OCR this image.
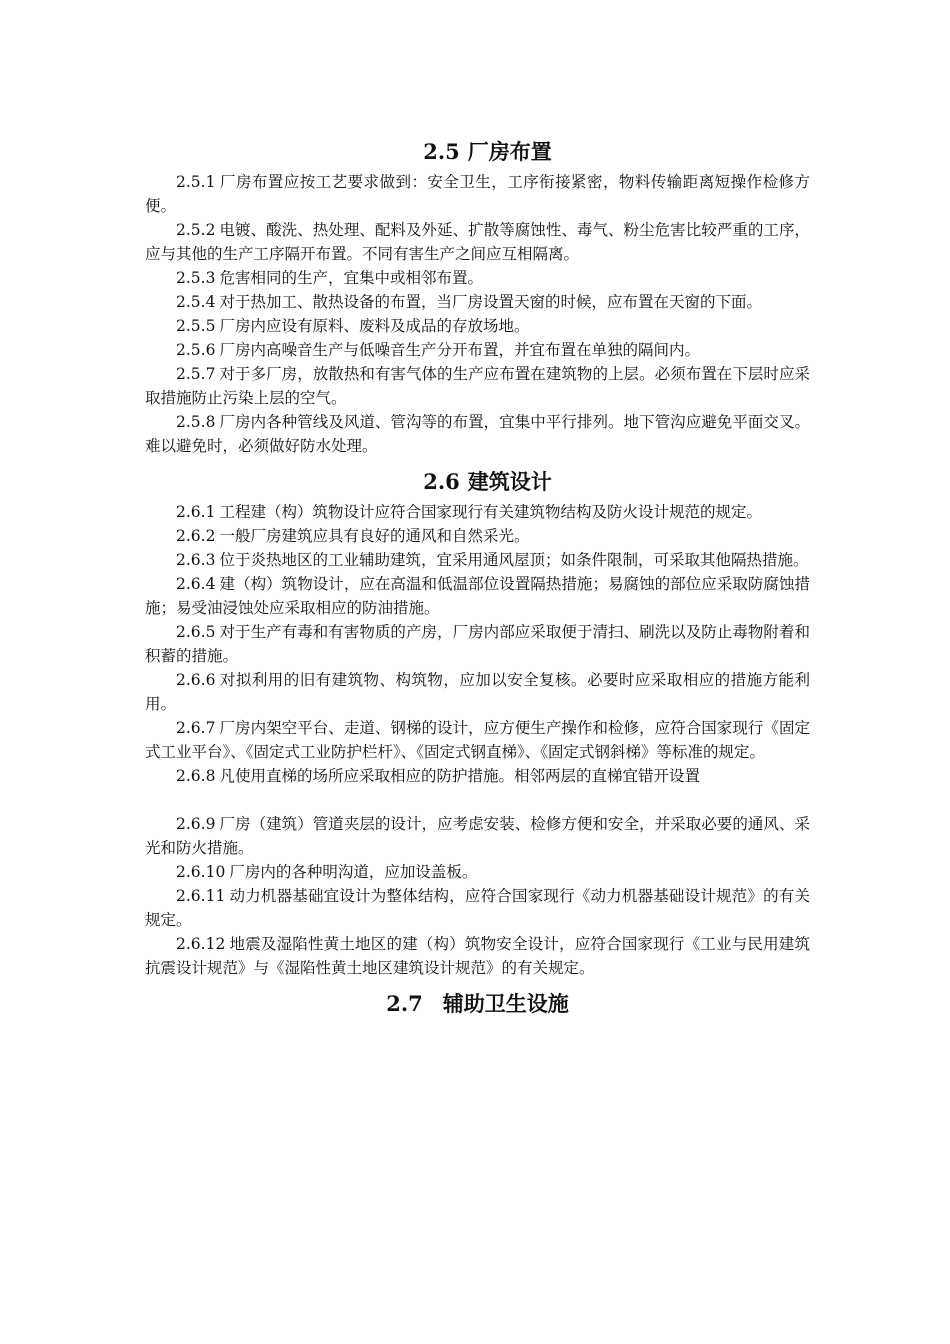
2.5 厂房布置

2.5.1 厂房布置应按工艺要求做到：安全卫生，工序衔接紧密，物料传输距离短操作检修方便。

2.5.2 电镀、酸洗、热处理、配料及外延、扩散等腐蚀性、毒气、粉尘危害比较严重的工序，应与其他的生产工序隔开布置。不同有害生产之间应互相隔离。

2.5.3 危害相同的生产，宜集中或相邻布置。

2.5.4 对于热加工、散热设备的布置，当厂房设置天窗的时候，应布置在天窗的下面。

2.5.5 厂房内应设有原料、废料及成品的存放场地。

2.5.6 厂房内高噪音生产与低噪音生产分开布置，并宜布置在单独的隔间内。

2.5.7 对于多厂房，放散热和有害气体的生产应布置在建筑物的上层。必须布置在下层时应采取措施防止污染上层的空气。

2.5.8 厂房内各种管线及风道、管沟等的布置，宜集中平行排列。地下管沟应避免平面交叉。难以避免时，必须做好防水处理。

2.6 建筑设计

2.6.1 工程建（构）筑物设计应符合国家现行有关建筑物结构及防火设计规范的规定。

2.6.2 一般厂房建筑应具有良好的通风和自然采光。

2.6.3 位于炎热地区的工业辅助建筑，宜采用通风屋顶；如条件限制，可采取其他隔热措施。

2.6.4 建（构）筑物设计，应在高温和低温部位设置隔热措施；易腐蚀的部位应采取防腐蚀措施；易受油浸蚀处应采取相应的防油措施。

2.6.5 对于生产有毒和有害物质的产房，厂房内部应采取便于清扫、刷洗以及防止毒物附着和积蓄的措施。

2.6.6 对拟利用的旧有建筑物、构筑物，应加以安全复核。必要时应采取相应的措施方能利用。

2.6.7 厂房内架空平台、走道、钢梯的设计，应方便生产操作和检修，应符合国家现行《固定式工业平台》、《固定式工业防护栏杆》、《固定式钢直梯》、《固定式钢斜梯》等标准的规定。

2.6.8 凡使用直梯的场所应采取相应的防护措施。相邻两层的直梯宜错开设置

2.6.9 厂房（建筑）管道夹层的设计，应考虑安装、检修方便和安全，并采取必要的通风、采光和防火措施。

2.6.10 厂房内的各种明沟道，应加设盖板。

2.6.11 动力机器基础宜设计为整体结构，应符合国家现行《动力机器基础设计规范》的有关规定。

2.6.12 地震及湿陷性黄土地区的建（构）筑物安全设计，应符合国家现行《工业与民用建筑抗震设计规范》与《湿陷性黄土地区建筑设计规范》的有关规定。

2.7 辅助卫生设施
